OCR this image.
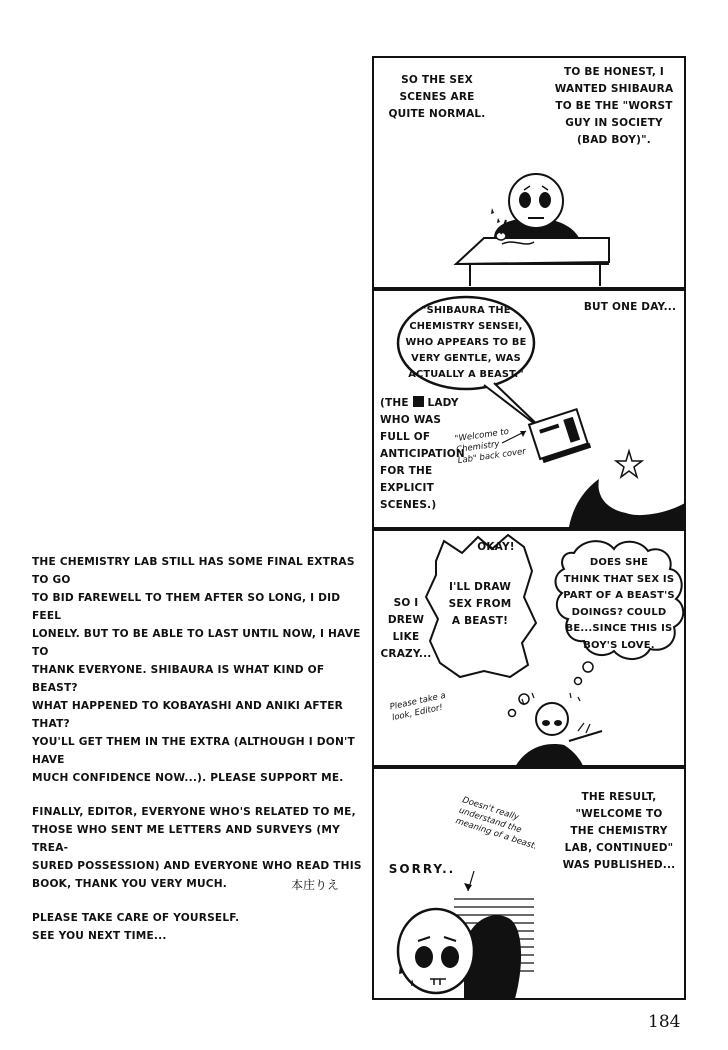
THE CHEMISTRY LAB STILL HAS SOME FINAL EXTRAS TO GO
TO BID FAREWELL TO THEM AFTER SO LONG, I DID FEEL
LONELY. BUT TO BE ABLE TO LAST UNTIL NOW, I HAVE TO
THANK EVERYONE. SHIBAURA IS WHAT KIND OF BEAST?
WHAT HAPPENED TO KOBAYASHI AND ANIKI AFTER THAT?
YOU'LL GET THEM IN THE EXTRA (ALTHOUGH I DON'T HAVE
MUCH CONFIDENCE NOW...). PLEASE SUPPORT ME.

FINALLY, EDITOR, EVERYONE WHO'S RELATED TO ME,
THOSE WHO SENT ME LETTERS AND SURVEYS (MY TREA-
SURED POSSESSION) AND EVERYONE WHO READ THIS
BOOK, THANK YOU VERY MUCH.

PLEASE TAKE CARE OF YOURSELF.
SEE YOU NEXT TIME...

本庄りえ
184
SO THE SEX
SCENES ARE
QUITE NORMAL.
TO BE HONEST, I
WANTED SHIBAURA
TO BE THE "WORST
GUY IN SOCIETY
(BAD BOY)".
"SHIBAURA THE
CHEMISTRY SENSEI,
WHO APPEARS TO BE
VERY GENTLE, WAS
ACTUALLY A BEAST."
BUT ONE DAY...
(THE LADY
WHO WAS
FULL OF
ANTICIPATION
FOR THE
EXPLICIT
SCENES.)
"Welcome to
Chemistry
Lab" back cover
OKAY!
I'LL DRAW
SEX FROM
A BEAST!
SO I
DREW
LIKE
CRAZY...
DOES SHE
THINK THAT SEX IS
PART OF A BEAST'S
DOINGS? COULD
BE...SINCE THIS IS
BOY'S LOVE.
Please take a
look, Editor!
THE RESULT,
"WELCOME TO
THE CHEMISTRY
LAB, CONTINUED"
WAS PUBLISHED...
Doesn't really
understand the
meaning of a beast.
SORRY..
